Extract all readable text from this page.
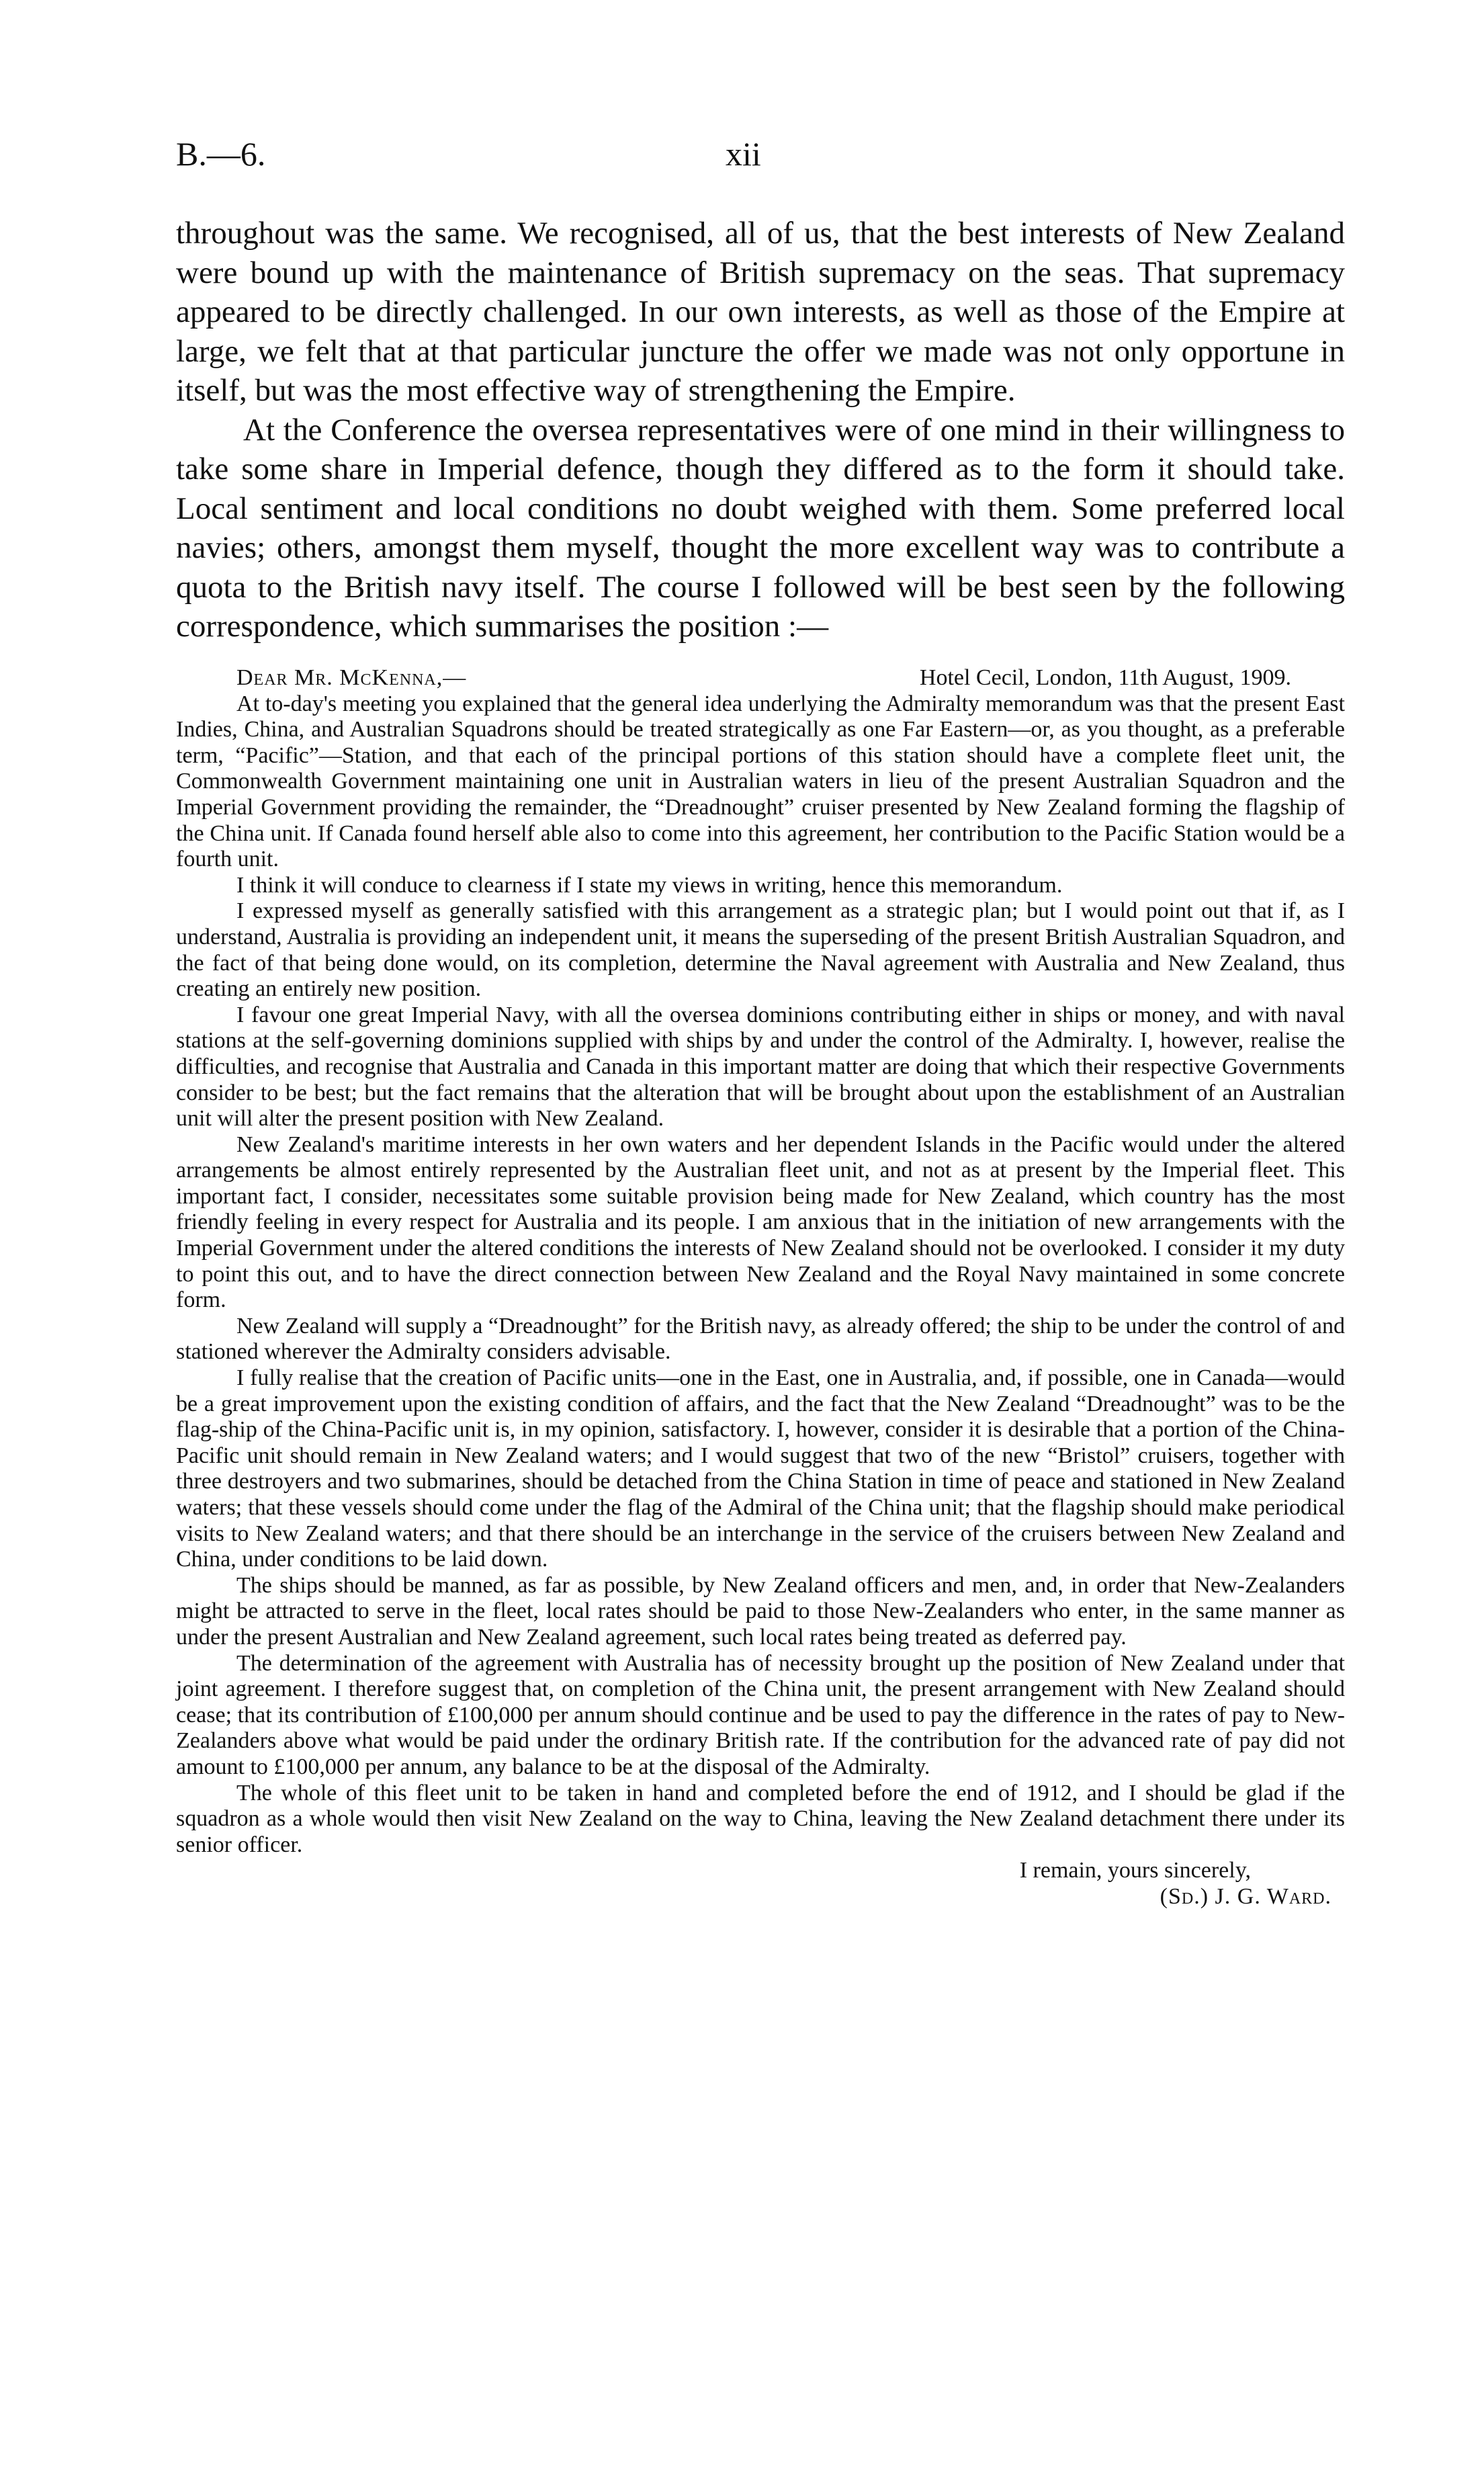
B.—6.	xii

throughout was the same. We recognised, all of us, that the best interests of New Zealand were bound up with the maintenance of British supremacy on the seas. That supremacy appeared to be directly challenged. In our own interests, as well as those of the Empire at large, we felt that at that particular juncture the offer we made was not only opportune in itself, but was the most effective way of strengthening the Empire.

At the Conference the oversea representatives were of one mind in their willingness to take some share in Imperial defence, though they differed as to the form it should take. Local sentiment and local conditions no doubt weighed with them. Some preferred local navies; others, amongst them myself, thought the more excellent way was to contribute a quota to the British navy itself. The course I followed will be best seen by the following correspondence, which summarises the position :—

Dear Mr. McKenna,—	Hotel Cecil, London, 11th August, 1909.

At to-day's meeting you explained that the general idea underlying the Admiralty memorandum was that the present East Indies, China, and Australian Squadrons should be treated strategically as one Far Eastern—or, as you thought, as a preferable term, “Pacific”—Station, and that each of the principal portions of this station should have a complete fleet unit, the Commonwealth Government maintaining one unit in Australian waters in lieu of the present Australian Squadron and the Imperial Government providing the remainder, the “Dreadnought” cruiser presented by New Zealand forming the flagship of the China unit. If Canada found herself able also to come into this agreement, her contribution to the Pacific Station would be a fourth unit.

I think it will conduce to clearness if I state my views in writing, hence this memorandum.

I expressed myself as generally satisfied with this arrangement as a strategic plan; but I would point out that if, as I understand, Australia is providing an independent unit, it means the superseding of the present British Australian Squadron, and the fact of that being done would, on its completion, determine the Naval agreement with Australia and New Zealand, thus creating an entirely new position.

I favour one great Imperial Navy, with all the oversea dominions contributing either in ships or money, and with naval stations at the self-governing dominions supplied with ships by and under the control of the Admiralty. I, however, realise the difficulties, and recognise that Australia and Canada in this important matter are doing that which their respective Governments consider to be best; but the fact remains that the alteration that will be brought about upon the establishment of an Australian unit will alter the present position with New Zealand.

New Zealand's maritime interests in her own waters and her dependent Islands in the Pacific would under the altered arrangements be almost entirely represented by the Australian fleet unit, and not as at present by the Imperial fleet. This important fact, I consider, necessitates some suitable provision being made for New Zealand, which country has the most friendly feeling in every respect for Australia and its people. I am anxious that in the initiation of new arrangements with the Imperial Government under the altered conditions the interests of New Zealand should not be overlooked. I consider it my duty to point this out, and to have the direct connection between New Zealand and the Royal Navy maintained in some concrete form.

New Zealand will supply a “Dreadnought” for the British navy, as already offered; the ship to be under the control of and stationed wherever the Admiralty considers advisable.

I fully realise that the creation of Pacific units—one in the East, one in Australia, and, if possible, one in Canada—would be a great improvement upon the existing condition of affairs, and the fact that the New Zealand “Dreadnought” was to be the flag-ship of the China-Pacific unit is, in my opinion, satisfactory. I, however, consider it is desirable that a portion of the China-Pacific unit should remain in New Zealand waters; and I would suggest that two of the new “Bristol” cruisers, together with three destroyers and two submarines, should be detached from the China Station in time of peace and stationed in New Zealand waters; that these vessels should come under the flag of the Admiral of the China unit; that the flagship should make periodical visits to New Zealand waters; and that there should be an interchange in the service of the cruisers between New Zealand and China, under conditions to be laid down.

The ships should be manned, as far as possible, by New Zealand officers and men, and, in order that New-Zealanders might be attracted to serve in the fleet, local rates should be paid to those New-Zealanders who enter, in the same manner as under the present Australian and New Zealand agreement, such local rates being treated as deferred pay.

The determination of the agreement with Australia has of necessity brought up the position of New Zealand under that joint agreement. I therefore suggest that, on completion of the China unit, the present arrangement with New Zealand should cease; that its contribution of £100,000 per annum should continue and be used to pay the difference in the rates of pay to New-Zealanders above what would be paid under the ordinary British rate. If the contribution for the advanced rate of pay did not amount to £100,000 per annum, any balance to be at the disposal of the Admiralty.

The whole of this fleet unit to be taken in hand and completed before the end of 1912, and I should be glad if the squadron as a whole would then visit New Zealand on the way to China, leaving the New Zealand detachment there under its senior officer.

I remain, yours sincerely,

(Sd.) J. G. Ward.
